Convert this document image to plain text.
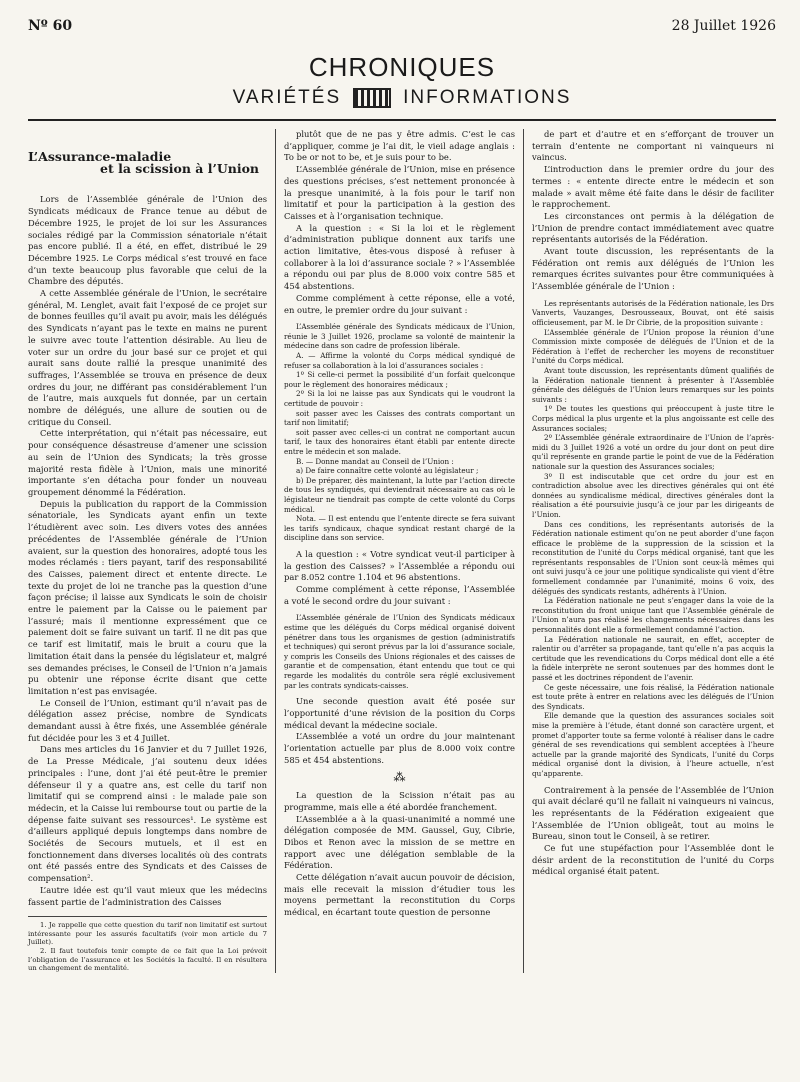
Nº 60	28 Juillet 1926
CHRONIQUES
VARIÉTÉS	INFORMATIONS
L’Assurance-maladie
et la scission à l’Union

Lors de l’Assemblée générale de l’Union des Syndicats médicaux de France tenue au début de Décembre 1925, le projet de loi sur les Assurances sociales rédigé par la Commission sénatoriale n’était pas encore publié. Il a été, en effet, distribué le 29 Décembre 1925. Le Corps médical s’est trouvé en face d’un texte beaucoup plus favorable que celui de la Chambre des députés.

A cette Assemblée générale de l’Union, le secrétaire général, M. Lenglet, avait fait l’exposé de ce projet sur de bonnes feuilles qu’il avait pu avoir, mais les délégués des Syndicats n’ayant pas le texte en mains ne purent le suivre avec toute l’attention désirable. Au lieu de voter sur un ordre du jour basé sur ce projet et qui aurait sans doute rallié la presque unanimité des suffrages, l’Assemblée se trouva en présence de deux ordres du jour, ne différant pas considérablement l’un de l’autre, mais auxquels fut donnée, par un certain nombre de délégués, une allure de soutien ou de critique du Conseil.

Cette interprétation, qui n’était pas nécessaire, eut pour conséquence désastreuse d’amener une scission au sein de l’Union des Syndicats; la très grosse majorité resta fidèle à l’Union, mais une minorité importante s’en détacha pour fonder un nouveau groupement dénommé la Fédération.

Depuis la publication du rapport de la Commission sénatoriale, les Syndicats ayant enfin un texte l’étudièrent avec soin. Les divers votes des années précédentes de l’Assemblée générale de l’Union avaient, sur la question des honoraires, adopté tous les modes réclamés : tiers payant, tarif des responsabilité des Caisses, paiement direct et entente directe. Le texte du projet de loi ne tranche pas la question d’une façon précise; il laisse aux Syndicats le soin de choisir entre le paiement par la Caisse ou le paiement par l’assuré; mais il mentionne expressément que ce paiement doit se faire suivant un tarif. Il ne dit pas que ce tarif est limitatif, mais le bruit a couru que la limitation était dans la pensée du législateur et, malgré ses demandes précises, le Conseil de l’Union n’a jamais pu obtenir une réponse écrite disant que cette limitation n’est pas envisagée.

Le Conseil de l’Union, estimant qu’il n’avait pas de délégation assez précise, nombre de Syndicats demandant aussi à être fixés, une Assemblée générale fut décidée pour les 3 et 4 Juillet.

Dans mes articles du 16 Janvier et du 7 Juillet 1926, de La Presse Médicale, j’ai soutenu deux idées principales : l’une, dont j’ai été peut-être le premier défenseur il y a quatre ans, est celle du tarif non limitatif qui se comprend ainsi : le malade paie son médecin, et la Caisse lui rembourse tout ou partie de la dépense faite suivant ses ressources¹. Le système est d’ailleurs appliqué depuis longtemps dans nombre de Sociétés de Secours mutuels, et il est en fonctionnement dans diverses localités où des contrats ont été passés entre des Syndicats et des Caisses de compensation².

L’autre idée est qu’il vaut mieux que les médecins fassent partie de l’administration des Caisses

1. Je rappelle que cette question du tarif non limitatif est surtout intéressante pour les assurés facultatifs (voir mon article du 7 Juillet).

2. Il faut toutefois tenir compte de ce fait que la Loi prévoit l’obligation de l’assurance et les Sociétés la faculté. Il en résultera un changement de mentalité.

plutôt que de ne pas y être admis. C’est le cas d’appliquer, comme je l’ai dit, le vieil adage anglais : To be or not to be, et je suis pour to be.

L’Assemblée générale de l’Union, mise en présence des questions précises, s’est nettement prononcée à la presque unanimité, à la fois pour le tarif non limitatif et pour la participation à la gestion des Caisses et à l’organisation technique.

A la question : « Si la loi et le règlement d’administration publique donnent aux tarifs une action limitative, êtes-vous disposé à refuser à collaborer à la loi d’assurance sociale ? » l’Assemblée a répondu oui par plus de 8.000 voix contre 585 et 454 abstentions.

Comme complément à cette réponse, elle a voté, en outre, le premier ordre du jour suivant :

L’Assemblée générale des Syndicats médicaux de l’Union, réunie le 3 Juillet 1926, proclame sa volonté de maintenir la médecine dans son cadre de profession libérale.

A. — Affirme la volonté du Corps médical syndiqué de refuser sa collaboration à la loi d’assurances sociales :

1º Si celle-ci permet la possibilité d’un forfait quelconque pour le règlement des honoraires médicaux ;

2º Si la loi ne laisse pas aux Syndicats qui le voudront la certitude de pouvoir :

soit passer avec les Caisses des contrats comportant un tarif non limitatif;

soit passer avec celles-ci un contrat ne comportant aucun tarif, le taux des honoraires étant établi par entente directe entre le médecin et son malade.

B. — Donne mandat au Conseil de l’Union :

a) De faire connaître cette volonté au législateur ;

b) De préparer, dès maintenant, la lutte par l’action directe de tous les syndiqués, qui deviendrait nécessaire au cas où le législateur ne tiendrait pas compte de cette volonté du Corps médical.

Nota. — Il est entendu que l’entente directe se fera suivant les tarifs syndicaux, chaque syndicat restant chargé de la discipline dans son service.

A la question : « Votre syndicat veut-il participer à la gestion des Caisses? » l’Assemblée a répondu oui par 8.052 contre 1.104 et 96 abstentions.

Comme complément à cette réponse, l’Assemblée a voté le second ordre du jour suivant :

L’Assemblée générale de l’Union des Syndicats médicaux estime que les délégués du Corps médical organisé doivent pénétrer dans tous les organismes de gestion (administratifs et techniques) qui seront prévus par la loi d’assurance sociale, y compris les Conseils des Unions régionales et des caisses de garantie et de compensation, étant entendu que tout ce qui regarde les modalités du contrôle sera réglé exclusivement par les contrats syndicats-caisses.

Une seconde question avait été posée sur l’opportunité d’une révision de la position du Corps médical devant la médecine sociale.

L’Assemblée a voté un ordre du jour maintenant l’orientation actuelle par plus de 8.000 voix contre 585 et 454 abstentions.

⁂

La question de la Scission n’était pas au programme, mais elle a été abordée franchement.

L’Assemblée a à la quasi-unanimité a nommé une délégation composée de MM. Gaussel, Guy, Cibrie, Dibos et Renon avec la mission de se mettre en rapport avec une délégation semblable de la Fédération.

Cette délégation n’avait aucun pouvoir de décision, mais elle recevait la mission d’étudier tous les moyens permettant la reconstitution du Corps médical, en écartant toute question de personne

de part et d’autre et en s’efforçant de trouver un terrain d’entente ne comportant ni vainqueurs ni vaincus.

L’introduction dans le premier ordre du jour des termes : « entente directe entre le médecin et son malade » avait même été faite dans le désir de faciliter le rapprochement.

Les circonstances ont permis à la délégation de l’Union de prendre contact immédiatement avec quatre représentants autorisés de la Fédération.

Avant toute discussion, les représentants de la Fédération ont remis aux délégués de l’Union les remarques écrites suivantes pour être communiquées à l’Assemblée générale de l’Union :

Les représentants autorisés de la Fédération nationale, les Drs Vanverts, Vauzanges, Desrousseaux, Bouvat, ont été saisis officieusement, par M. le Dr Cibrie, de la proposition suivante :

L’Assemblée générale de l’Union propose la réunion d’une Commission mixte composée de délégués de l’Union et de la Fédération à l’effet de rechercher les moyens de reconstituer l’unité du Corps médical.

Avant toute discussion, les représentants dûment qualifiés de la Fédération nationale tiennent à présenter à l’Assemblée générale des délégués de l’Union leurs remarques sur les points suivants :

1º De toutes les questions qui préoccupent à juste titre le Corps médical la plus urgente et la plus angoissante est celle des Assurances sociales;

2º L’Assemblée générale extraordinaire de l’Union de l’après-midi du 3 Juillet 1926 a voté un ordre du jour dont on peut dire qu’il représente en grande partie le point de vue de la Fédération nationale sur la question des Assurances sociales;

3º Il est indiscutable que cet ordre du jour est en contradiction absolue avec les directives générales qui ont été données au syndicalisme médical, directives générales dont la réalisation a été poursuivie jusqu’à ce jour par les dirigeants de l’Union.

Dans ces conditions, les représentants autorisés de la Fédération nationale estiment qu’on ne peut aborder d’une façon efficace le problème de la suppression de la scission et la reconstitution de l’unité du Corps médical organisé, tant que les représentants responsables de l’Union sont ceux-là mêmes qui ont suivi jusqu’à ce jour une politique syndicaliste qui vient d’être formellement condamnée par l’unanimité, moins 6 voix, des délégués des syndicats restants, adhérents à l’Union.

La Fédération nationale ne peut s’engager dans la voie de la reconstitution du front unique tant que l’Assemblée générale de l’Union n’aura pas réalisé les changements nécessaires dans les personnalités dont elle a formellement condamné l’action.

La Fédération nationale ne saurait, en effet, accepter de ralentir ou d’arrêter sa propagande, tant qu’elle n’a pas acquis la certitude que les revendications du Corps médical dont elle a été la fidèle interprète ne seront soutenues par des hommes dont le passé et les doctrines répondent de l’avenir.

Ce geste nécessaire, une fois réalisé, la Fédération nationale est toute prête à entrer en relations avec les délégués de l’Union des Syndicats.

Elle demande que la question des assurances sociales soit mise la première à l’étude, étant donné son caractère urgent, et promet d’apporter toute sa ferme volonté à réaliser dans le cadre général de ses revendications qui semblent acceptées à l’heure actuelle par la grande majorité des Syndicats, l’unité du Corps médical organisé dont la division, à l’heure actuelle, n’est qu’apparente.

Contrairement à la pensée de l’Assemblée de l’Union qui avait déclaré qu’il ne fallait ni vainqueurs ni vaincus, les représentants de la Fédération exigeaient que l’Assemblée de l’Union obligeât, tout au moins le Bureau, sinon tout le Conseil, à se retirer.

Ce fut une stupéfaction pour l’Assemblée dont le désir ardent de la reconstitution de l’unité du Corps médical organisé était patent.
